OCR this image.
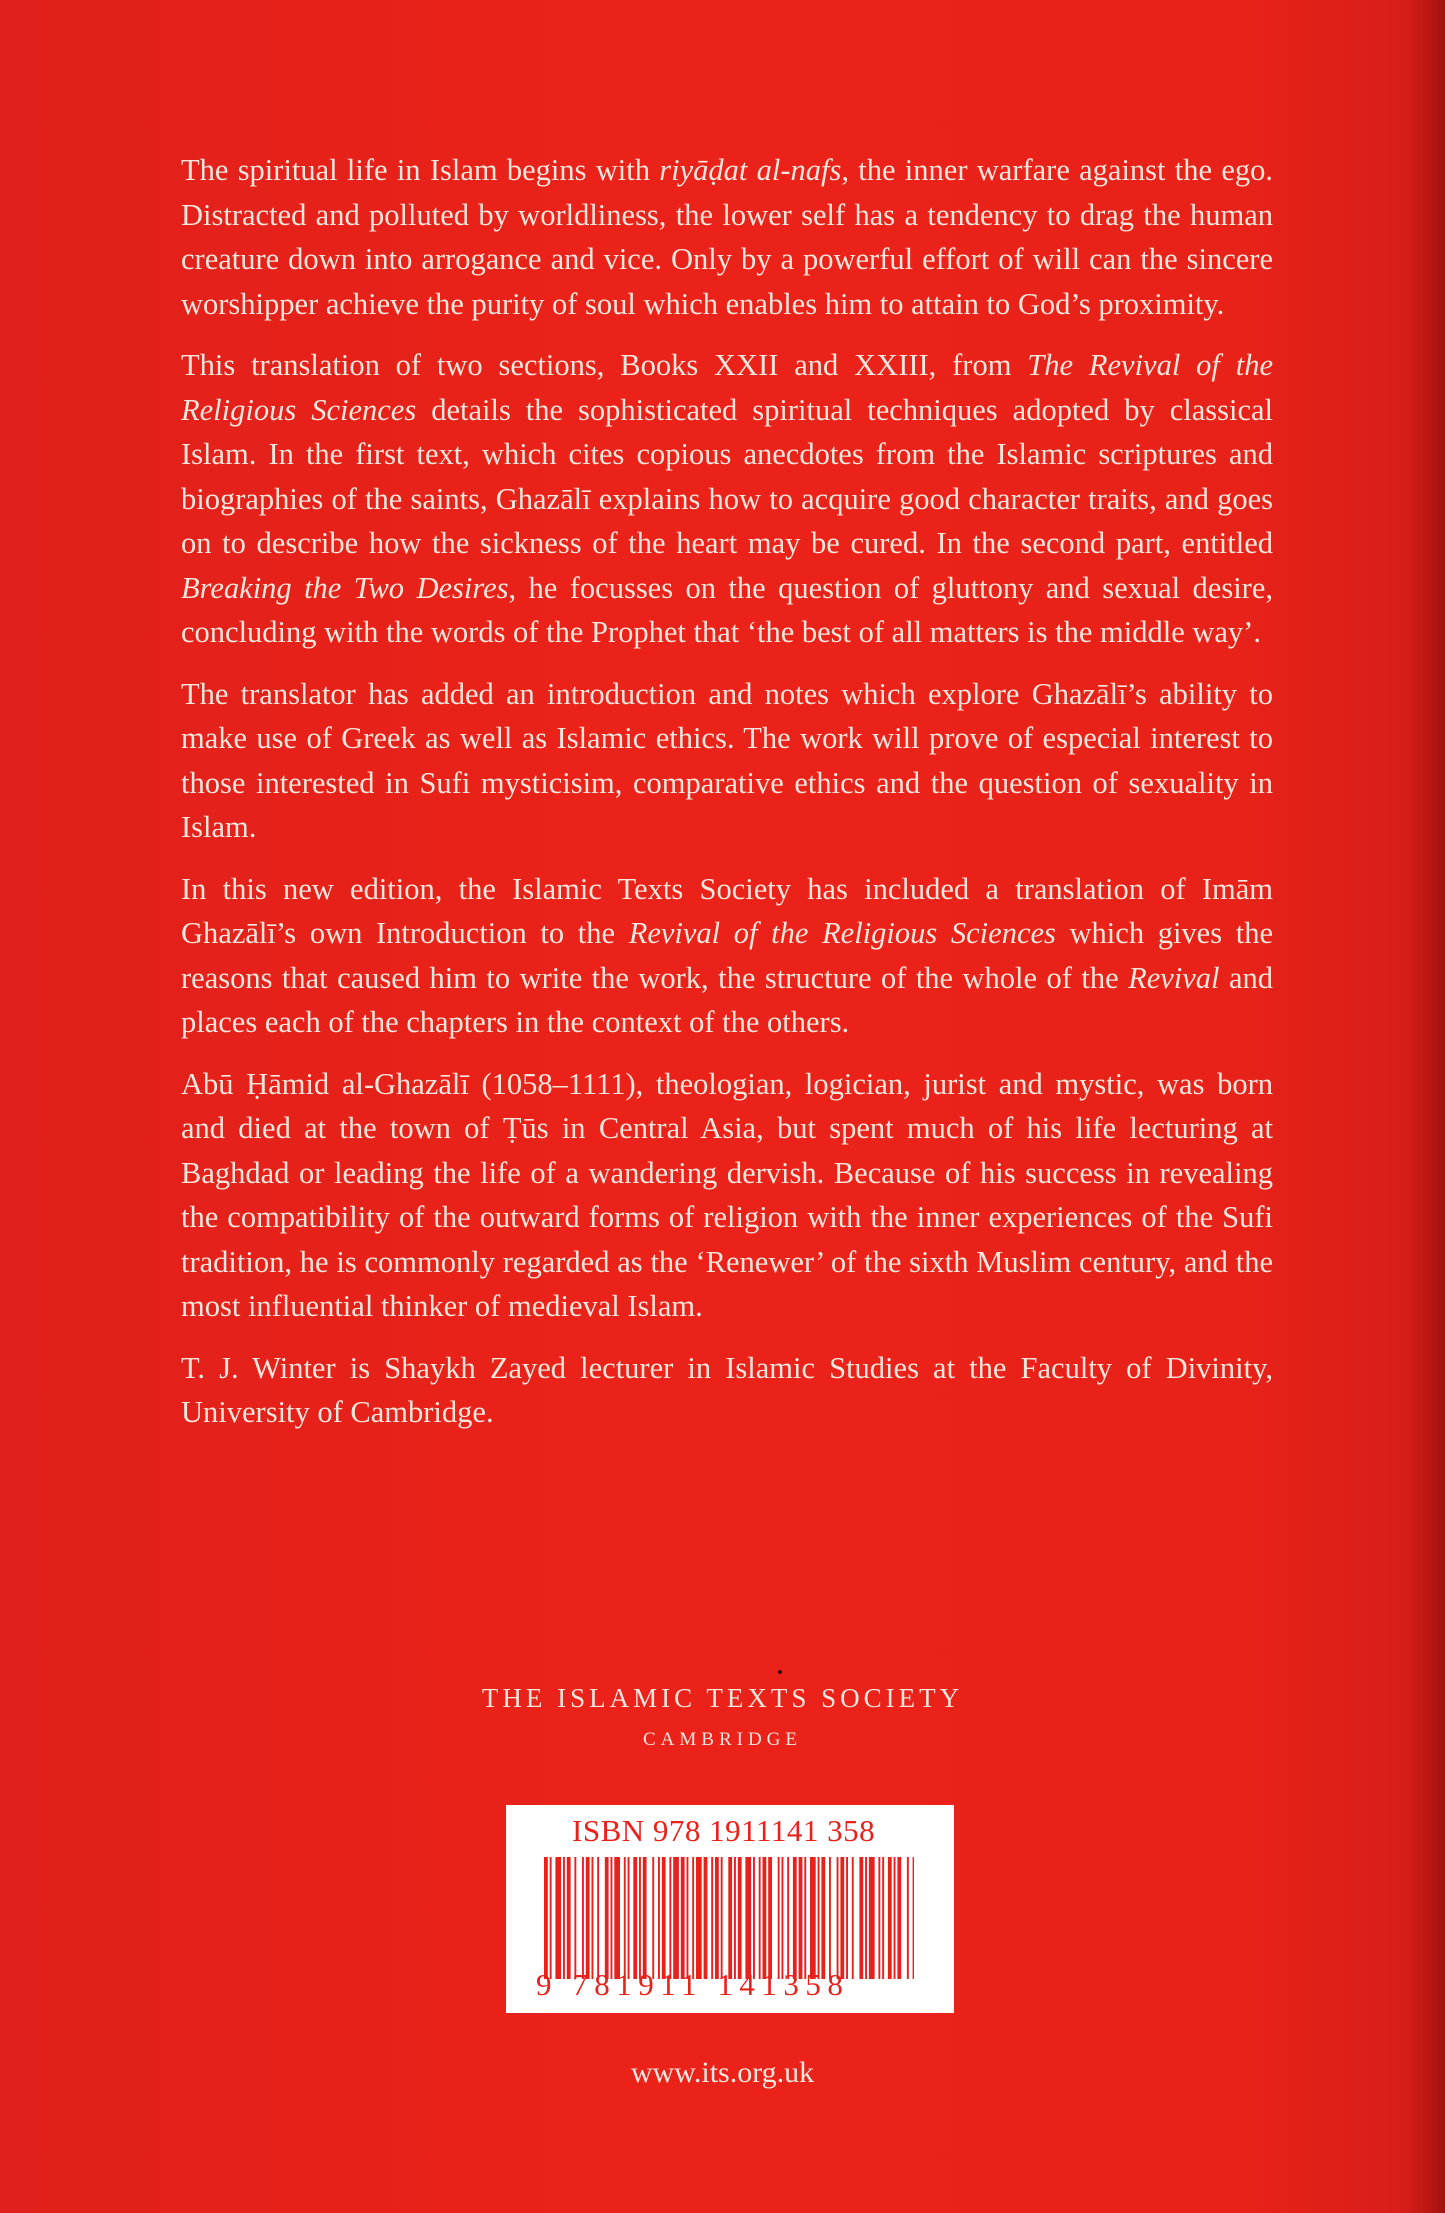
The spiritual life in Islam begins with riyāḍat al-nafs, the inner warfare against the ego. Distracted and polluted by worldliness, the lower self has a tendency to drag the human creature down into arrogance and vice. Only by a powerful effort of will can the sincere worshipper achieve the purity of soul which enables him to attain to God’s proximity.

This translation of two sections, Books XXII and XXIII, from The Revival of the Religious Sciences details the sophisticated spiritual techniques adopted by classical Islam. In the first text, which cites copious anecdotes from the Islamic scriptures and biographies of the saints, Ghazālī explains how to acquire good character traits, and goes on to describe how the sickness of the heart may be cured. In the second part, entitled Breaking the Two Desires, he focusses on the question of gluttony and sexual desire, concluding with the words of the Prophet that ‘the best of all matters is the middle way’.

The translator has added an introduction and notes which explore Ghazālī’s ability to make use of Greek as well as Islamic ethics. The work will prove of especial interest to those interested in Sufi mysticisim, comparative ethics and the question of sexuality in Islam.

In this new edition, the Islamic Texts Society has included a translation of Imām Ghazālī’s own Introduction to the Revival of the Religious Sciences which gives the reasons that caused him to write the work, the structure of the whole of the Revival and places each of the chapters in the context of the others.

Abū Ḥāmid al-Ghazālī (1058–1111), theologian, logician, jurist and mystic, was born and died at the town of Ṭūs in Central Asia, but spent much of his life lecturing at Baghdad or leading the life of a wandering dervish. Because of his success in revealing the compatibility of the outward forms of religion with the inner experiences of the Sufi tradition, he is commonly regarded as the ‘Renewer’ of the sixth Muslim century, and the most influential thinker of medieval Islam.

T. J. Winter is Shaykh Zayed lecturer in Islamic Studies at the Faculty of Divinity, University of Cambridge.

THE ISLAMIC TEXTS SOCIETY
CAMBRIDGE
ISBN 978 1911141 358
9 781911 141358
www.its.org.uk
